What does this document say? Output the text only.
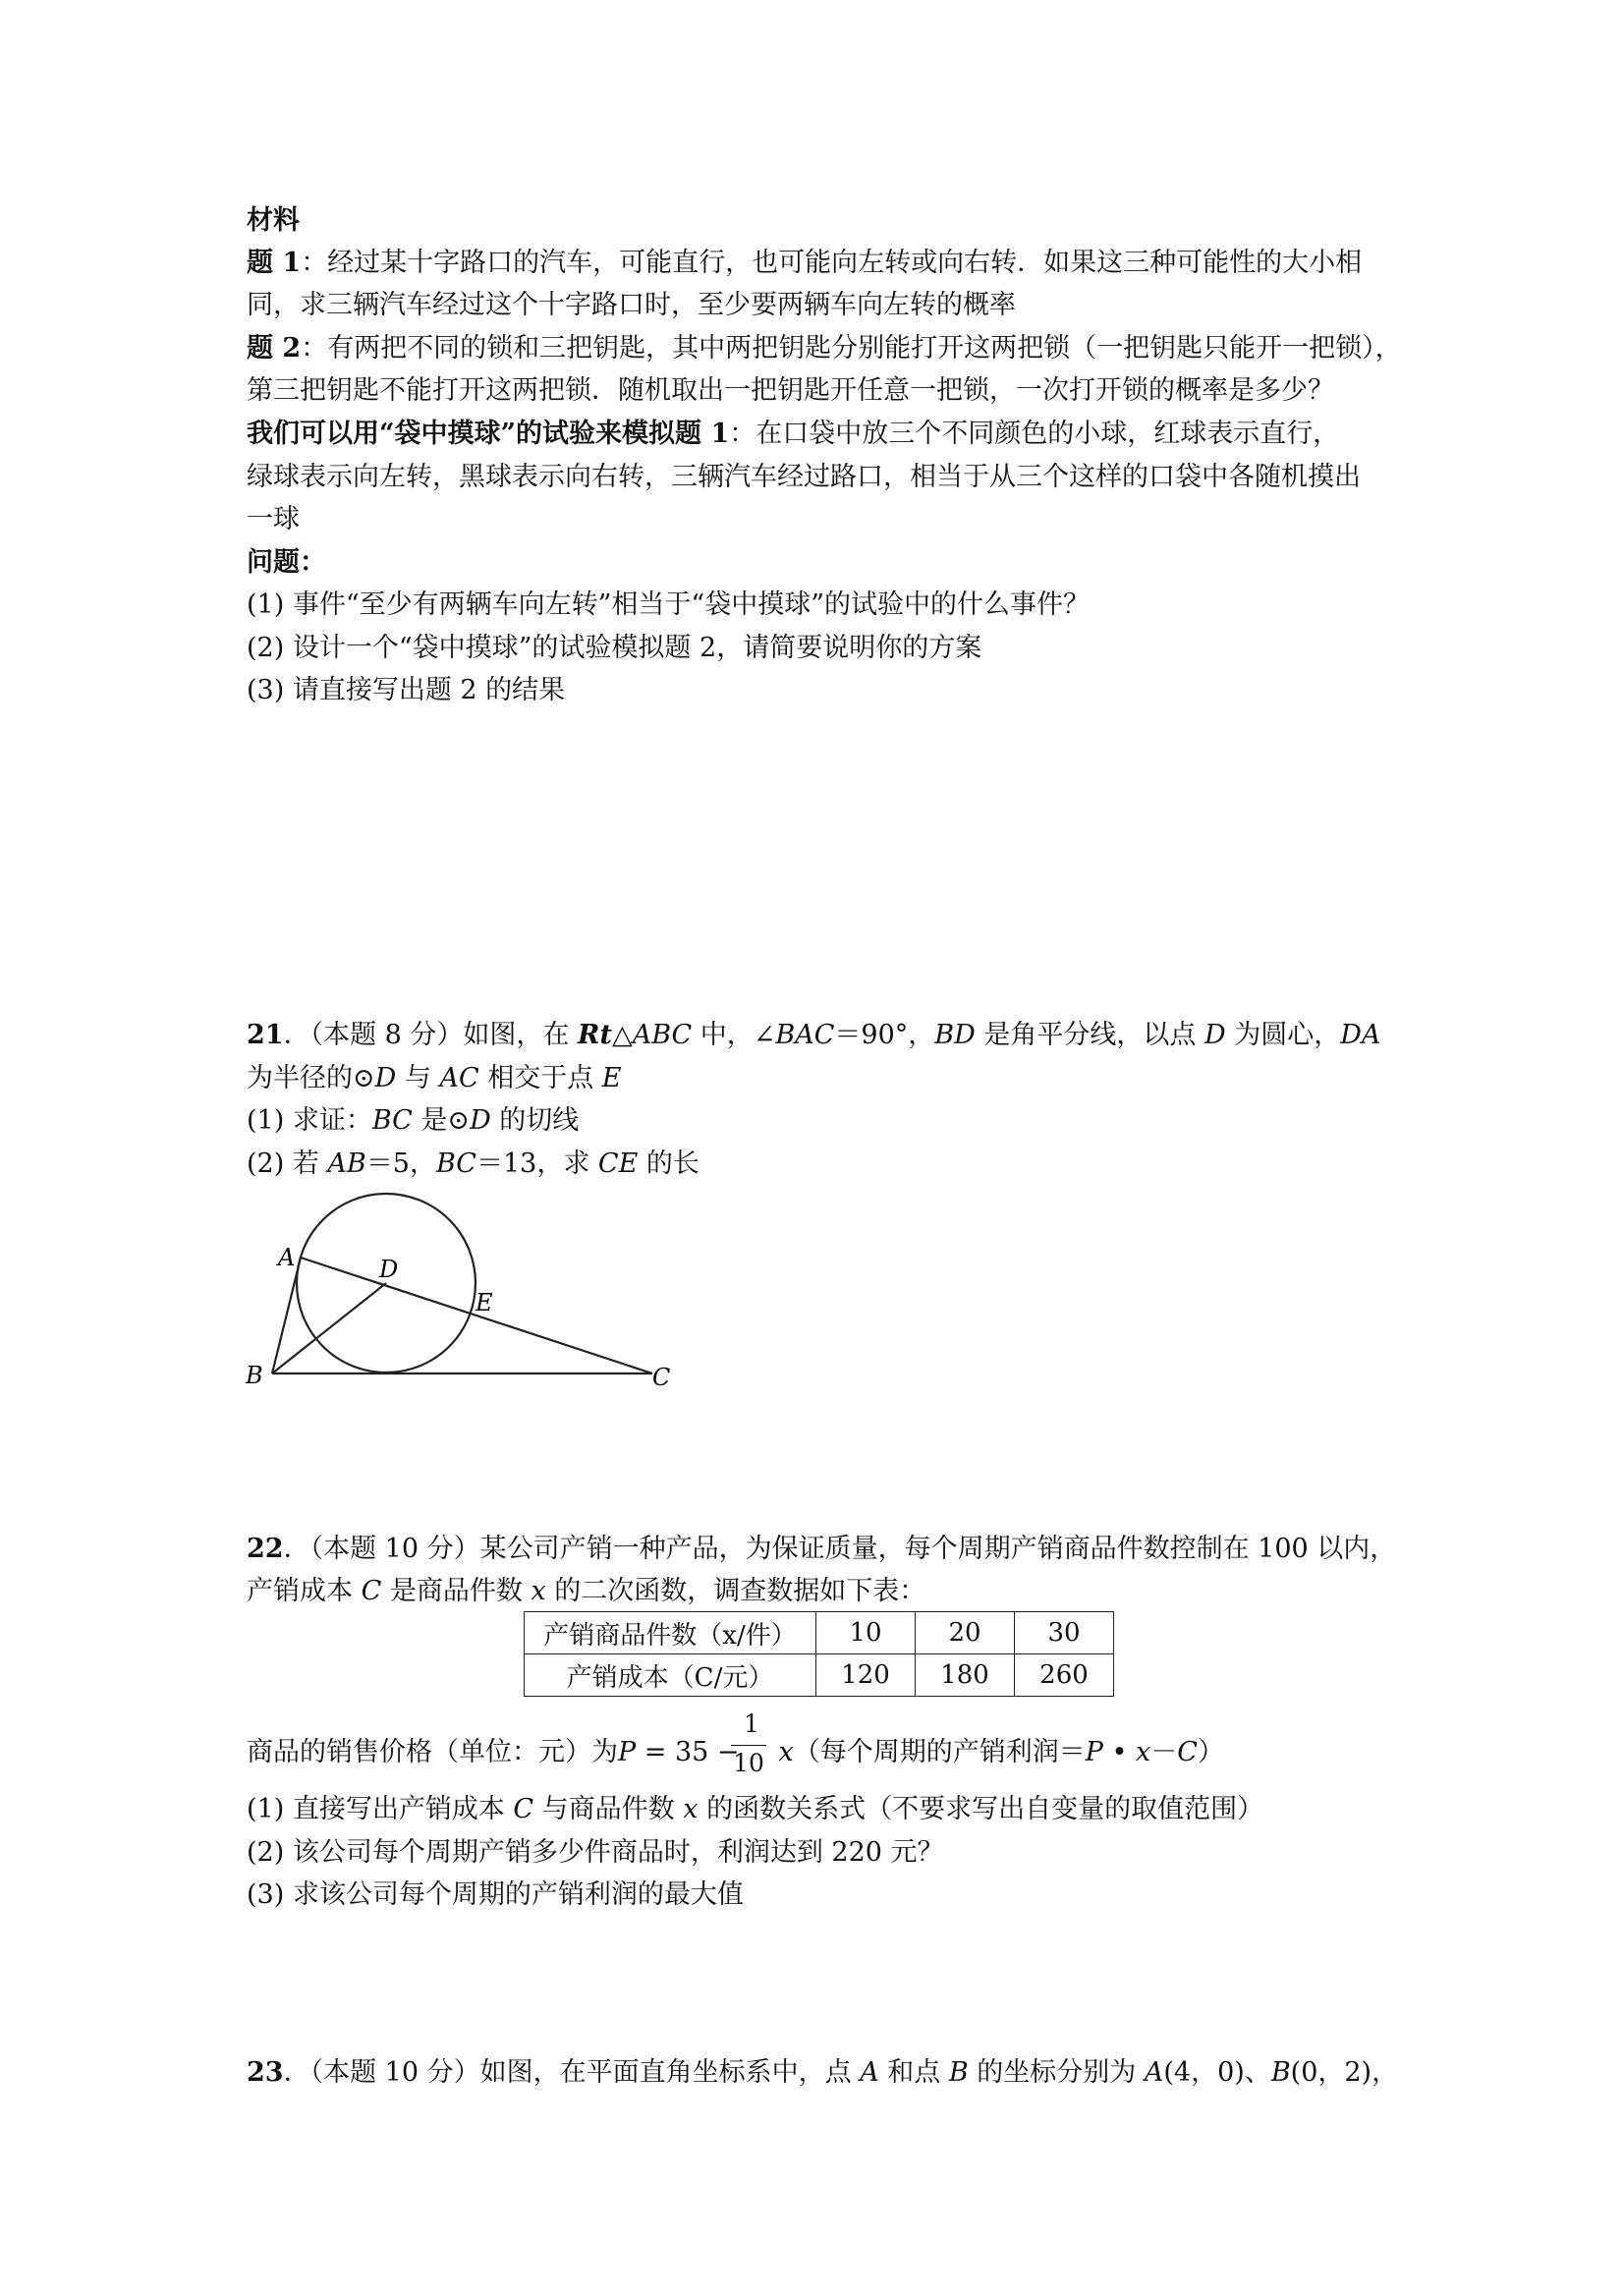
材料
题 1：经过某十字路口的汽车，可能直行，也可能向左转或向右转．如果这三种可能性的大小相
同，求三辆汽车经过这个十字路口时，至少要两辆车向左转的概率
题 2：有两把不同的锁和三把钥匙，其中两把钥匙分别能打开这两把锁（一把钥匙只能开一把锁），
第三把钥匙不能打开这两把锁．随机取出一把钥匙开任意一把锁，一次打开锁的概率是多少？
我们可以用“袋中摸球”的试验来模拟题 1：在口袋中放三个不同颜色的小球，红球表示直行，
绿球表示向左转，黑球表示向右转，三辆汽车经过路口，相当于从三个这样的口袋中各随机摸出
一球
问题：
(1) 事件“至少有两辆车向左转”相当于“袋中摸球”的试验中的什么事件？
(2) 设计一个“袋中摸球”的试验模拟题 2，请简要说明你的方案
(3) 请直接写出题 2 的结果
21．（本题 8 分）如图，在 Rt△ABC 中，∠BAC＝90°，BD 是角平分线，以点 D 为圆心，DA
为半径的⊙D 与 AC 相交于点 E
(1) 求证：BC 是⊙D 的切线
(2) 若 AB＝5，BC＝13，求 CE 的长
A
B	C
D
E
22．（本题 10 分）某公司产销一种产品，为保证质量，每个周期产销商品件数控制在 100 以内，
产销成本 C 是商品件数 x 的二次函数，调查数据如下表：
产销商品件数（x/件）	10	20	30
产销成本（C/元）	120	180	260
商品的销售价格（单位：元）为P = 35 − x（每个周期的产销利润＝P • x－C）
1
10
(1) 直接写出产销成本 C 与商品件数 x 的函数关系式（不要求写出自变量的取值范围）
(2) 该公司每个周期产销多少件商品时，利润达到 220 元？
(3) 求该公司每个周期的产销利润的最大值
23．（本题 10 分）如图，在平面直角坐标系中，点 A 和点 B 的坐标分别为 A(4，0)、B(0，2)，
